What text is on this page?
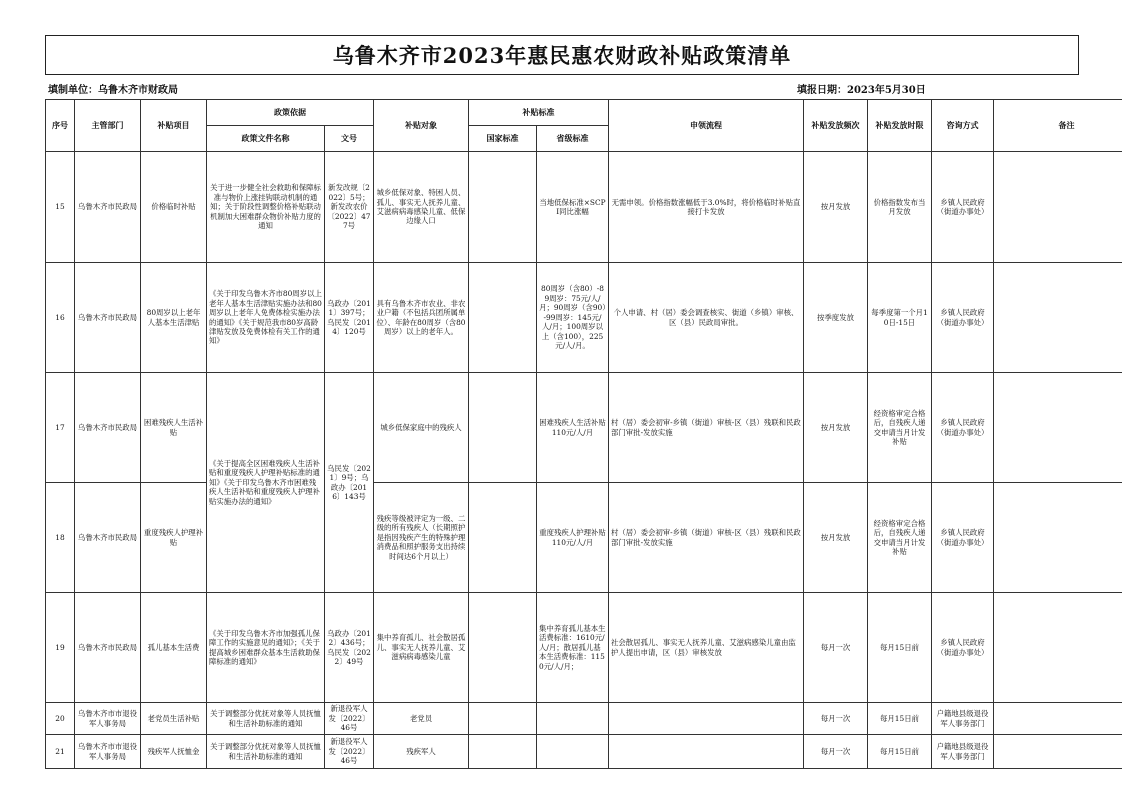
乌鲁木齐市2023年惠民惠农财政补贴政策清单
填制单位：乌鲁木齐市财政局	填报日期：2023年5月30日
序号	主管部门	补贴项目	政策依据		补贴对象	补贴标准		申领流程	补贴发放频次	补贴发放时限	咨询方式	备注
			政策文件名称	文号		国家标准	省级标准					
15	乌鲁木齐市民政局	价格临时补贴	关于进一步健全社会救助和保障标准与物价上涨挂钩联动机制的通知；关于阶段性调整价格补贴联动机制加大困难群众物价补贴力度的通知	新发改规〔2022〕5号；新发改农价〔2022〕477号	城乡低保对象、特困人员、孤儿、事实无人抚养儿童、艾滋病病毒感染儿童、低保边缘人口		当地低保标准×SCPI同比涨幅	无需申领。价格指数涨幅低于3.0%时，将价格临时补贴直接打卡发放	按月发放	价格指数发布当月发放	乡镇人民政府（街道办事处）	
16	乌鲁木齐市民政局	80周岁以上老年人基本生活津贴	《关于印发乌鲁木齐市80周岁以上老年人基本生活津贴实施办法和80周岁以上老年人免费体检实施办法的通知》《关于规范我市80岁高龄津贴发放及免费体检有关工作的通知》	乌政办〔2011〕397号；乌民发〔2014〕120号	具有乌鲁木齐市农业、非农业户籍（不包括兵团所属单位）、年龄在80周岁（含80周岁）以上的老年人。		80周岁（含80）-89周岁：75元/人/月；90周岁（含90）-99周岁：145元/人/月；100周岁以上（含100），225元/人/月。	个人申请、村（居）委会调查核实、街道（乡镇）审核、区（县）民政局审批。	按季度发放	每季度第一个月10日-15日	乡镇人民政府（街道办事处）	
17	乌鲁木齐市民政局	困难残疾人生活补贴	《关于提高全区困难残疾人生活补贴和重度残疾人护理补贴标准的通知》《关于印发乌鲁木齐市困难残疾人生活补贴和重度残疾人护理补贴实施办法的通知》	乌民发〔2021〕9号；乌政办〔2016〕143号	城乡低保家庭中的残疾人		困难残疾人生活补贴110元/人/月	村（居）委会初审-乡镇（街道）审核-区（县）残联和民政部门审批-发放实施	按月发放	经资格审定合格后，自残疾人递交申请当月计发补贴	乡镇人民政府（街道办事处）	
18	乌鲁木齐市民政局	重度残疾人护理补贴			残疾等级被评定为一级、二级的所有残疾人（长期照护是指因残疾产生的特殊护理消费品和照护服务支出持续时间达6个月以上）		重度残疾人护理补贴110元/人/月	村（居）委会初审-乡镇（街道）审核-区（县）残联和民政部门审批-发放实施	按月发放	经资格审定合格后，自残疾人递交申请当月计发补贴	乡镇人民政府（街道办事处）	
19	乌鲁木齐市民政局	孤儿基本生活费	《关于印发乌鲁木齐市加强孤儿保障工作的实施意见的通知》；《关于提高城乡困难群众基本生活救助保障标准的通知》	乌政办〔2012〕436号；乌民发〔2022〕49号	集中养育孤儿、社会散居孤儿、事实无人抚养儿童、艾滋病病毒感染儿童		集中养育孤儿基本生活费标准：1610元/人/月；散居孤儿基本生活费标准：1150元/人/月；	社会散居孤儿、事实无人抚养儿童、艾滋病感染儿童由监护人提出申请，区（县）审核发放	每月一次	每月15日前	乡镇人民政府（街道办事处）	
20	乌鲁木齐市市退役军人事务局	老党员生活补贴	关于调整部分优抚对象等人员抚恤和生活补助标准的通知	新退役军人发〔2022〕46号	老党员				每月一次	每月15日前	户籍地县级退役军人事务部门	
21	乌鲁木齐市市退役军人事务局	残疾军人抚恤金	关于调整部分优抚对象等人员抚恤和生活补助标准的通知	新退役军人发〔2022〕46号	残疾军人				每月一次	每月15日前	户籍地县级退役军人事务部门	
